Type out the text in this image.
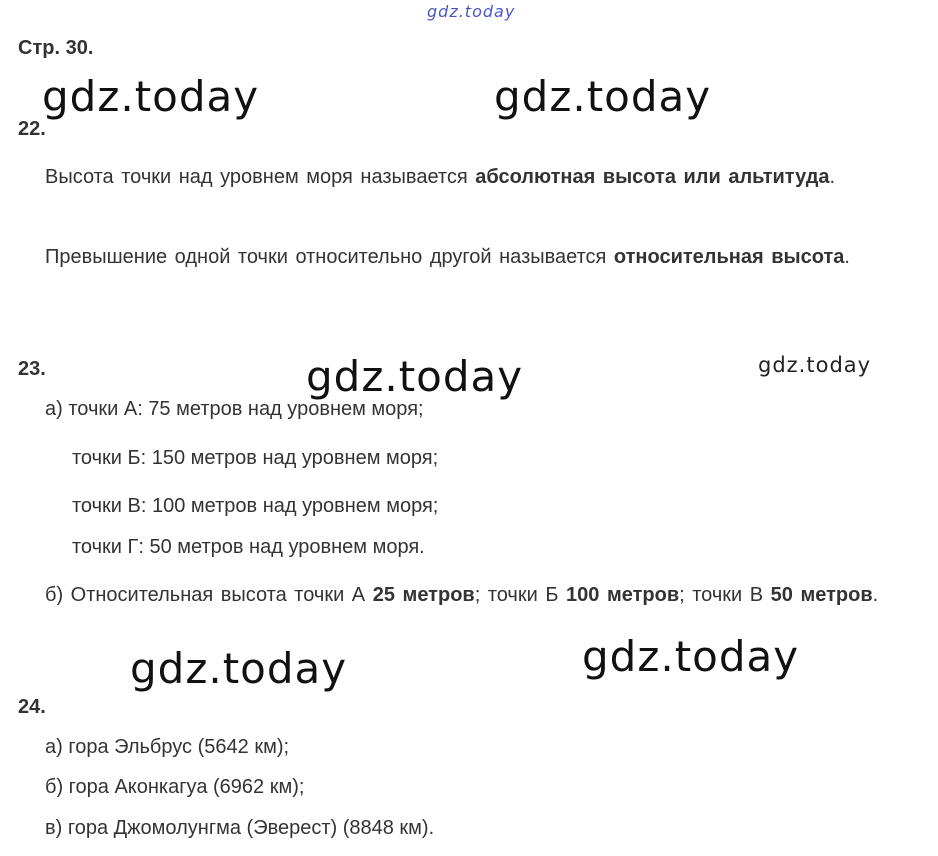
gdz.today
gdz.today	gdz.today
gdz.today	gdz.today
gdz.today	gdz.today
Стр. 30.
22.
Высота точки над уровнем моря называется абсолютная высота или альтитуда.
Превышение одной точки относительно другой называется относительная высота.
23.
а) точки А: 75 метров над уровнем моря;
точки Б: 150 метров над уровнем моря;
точки В: 100 метров над уровнем моря;
точки Г: 50 метров над уровнем моря.
б) Относительная высота точки А 25 метров; точки Б 100 метров; точки В 50 метров.
24.
а) гора Эльбрус (5642 км);
б) гора Аконкагуа (6962 км);
в) гора Джомолунгма (Эверест) (8848 км).
